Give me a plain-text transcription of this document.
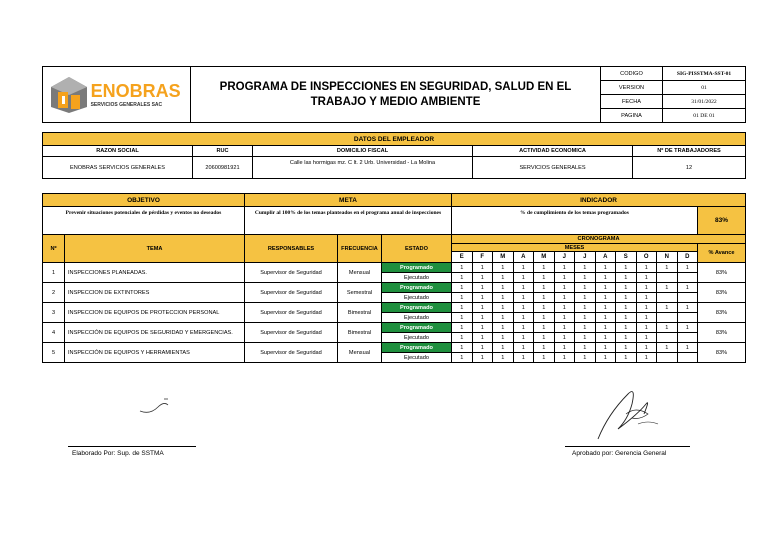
ENOBRAS
SERVICIOS GENERALES SAC	PROGRAMA DE INSPECCIONES EN SEGURIDAD, SALUD EN EL TRABAJO Y MEDIO AMBIENTE	CODIGO	SIG-PISSTMA-SST-01
		VERSION	01
		FECHA	31/01/2022
		PAGINA	01 DE 01
DATOS DEL EMPLEADOR				
RAZON SOCIAL	RUC	DOMICILIO FISCAL	ACTIVIDAD ECONOMICA	Nº DE TRABAJADORES
ENOBRAS SERVICIOS GENERALES	20600981921	Calle las hormigas mz. C lt. 2 Urb. Universidad - La Molina	SERVICIOS GENERALES	12
OBJETIVO		META			INDICADOR												
Prevenir situaciones potenciales de pérdidas y eventos no deseados		Cumplir al 100% de los temas planteados en el programa anual de inspecciones			% de cumplimiento de los temas programados												83%
Nº	TEMA	RESPONSABLES	FRECUENCIA	ESTADO	CRONOGRAMA												
					MESES												% Avance
					E	F	M	A	M	J	J	A	S	O	N	D	
1	INSPECCIONES PLANEADAS.	Supervisor de Seguridad	Mensual	Programado	1	1	1	1	1	1	1	1	1	1	1	1	83%
				Ejecutado	1	1	1	1	1	1	1	1	1	1			
2	INSPECCION DE EXTINTORES	Supervisor de Seguridad	Semestral	Programado	1	1	1	1	1	1	1	1	1	1	1	1	83%
				Ejecutado	1	1	1	1	1	1	1	1	1	1			
3	INSPECCION DE EQUIPOS DE PROTECCION PERSONAL	Supervisor de Seguridad	Bimestral	Programado	1	1	1	1	1	1	1	1	1	1	1	1	83%
				Ejecutado	1	1	1	1	1	1	1	1	1	1			
4	INSPECCIÓN DE EQUIPOS DE SEGURIDAD Y EMERGENCIAS.	Supervisor de Seguridad	Bimestral	Programado	1	1	1	1	1	1	1	1	1	1	1	1	83%
				Ejecutado	1	1	1	1	1	1	1	1	1	1			
5	INSPECCIÓN DE EQUIPOS Y HERRAMIENTAS	Supervisor de Seguridad	Mensual	Programado	1	1	1	1	1	1	1	1	1	1	1	1	83%
				Ejecutado	1	1	1	1	1	1	1	1	1	1			
Elaborado Por: Sup. de SSTMA	Aprobado por: Gerencia General
